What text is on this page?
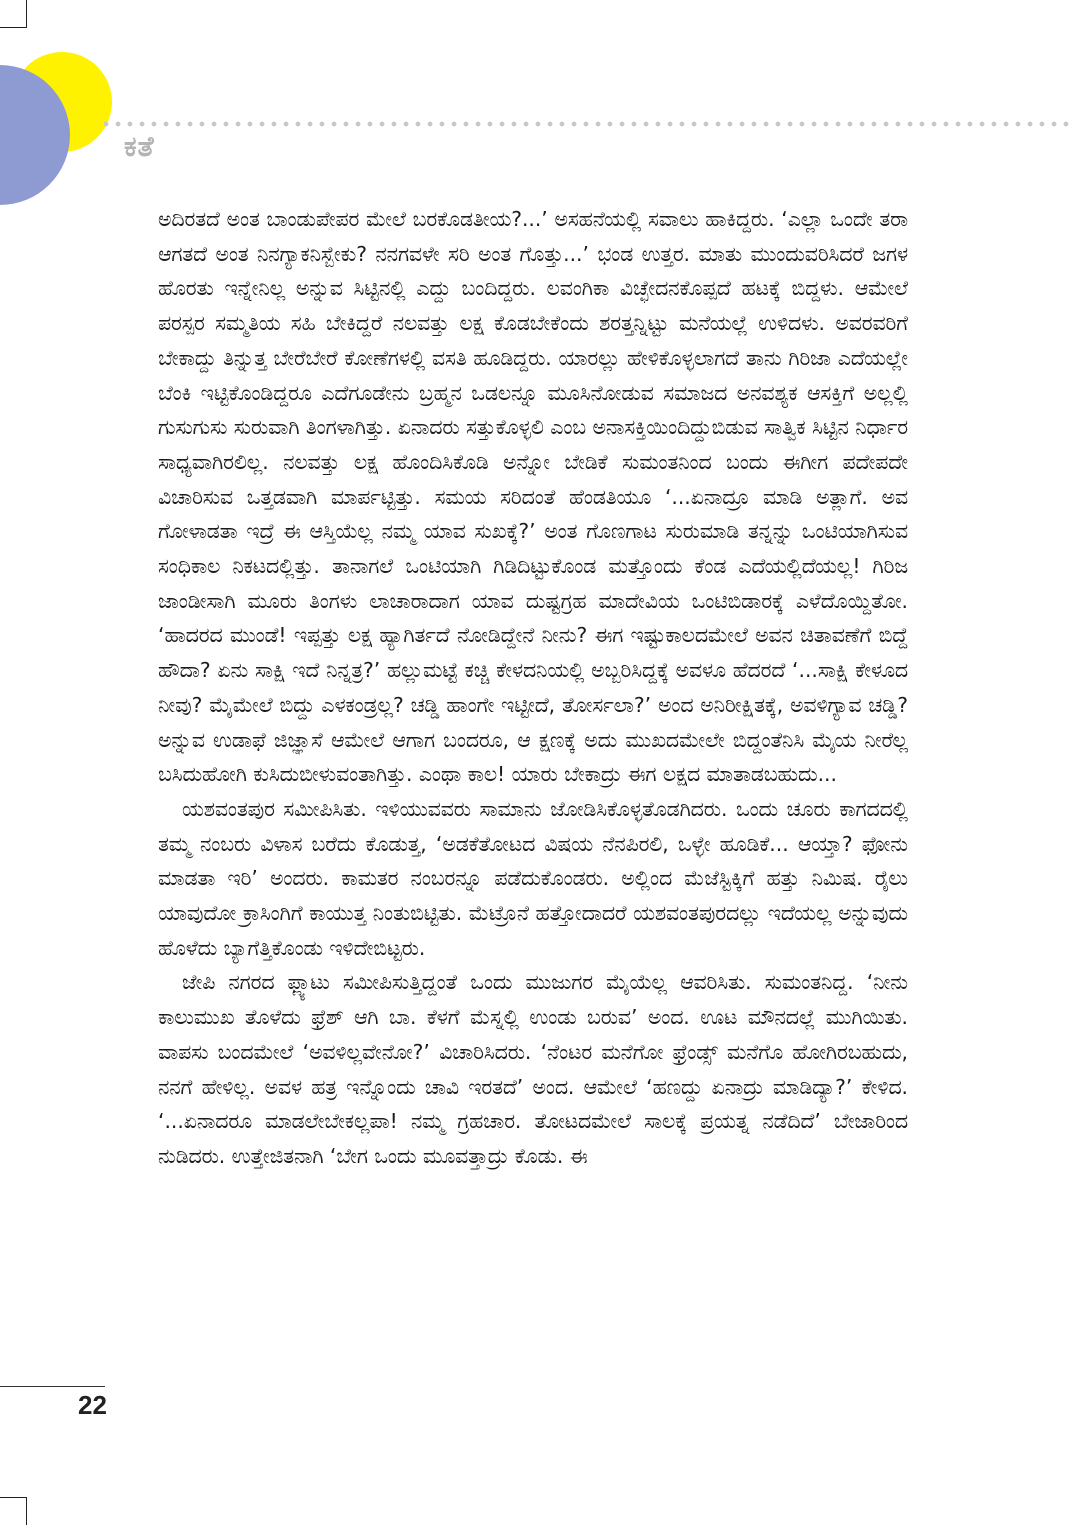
ಕತೆ

ಅದಿರತದೆ ಅಂತ ಬಾಂಡುಪೇಪರ ಮೇಲೆ ಬರಕೊಡತೀಯ?...’ ಅಸಹನೆಯಲ್ಲಿ ಸವಾಲು ಹಾಕಿದ್ದರು. ‘ಎಲ್ಲಾ ಒಂದೇ ತರಾ ಆಗತದೆ ಅಂತ ನಿನಗ್ಯಾಕನಿಸ್ಬೇಕು? ನನಗವಳೇ ಸರಿ ಅಂತ ಗೊತ್ತು...’ ಭಂಡ ಉತ್ತರ. ಮಾತು ಮುಂದುವರಿಸಿದರೆ ಜಗಳ ಹೊರತು ಇನ್ನೇನಿಲ್ಲ ಅನ್ನುವ ಸಿಟ್ಟಿನಲ್ಲಿ ಎದ್ದು ಬಂದಿದ್ದರು. ಲವಂಗಿಕಾ ವಿಚ್ಛೇದನಕೊಪ್ಪದೆ ಹಟಕ್ಕೆ ಬಿದ್ದಳು. ಆಮೇಲೆ ಪರಸ್ಪರ ಸಮ್ಮತಿಯ ಸಹಿ ಬೇಕಿದ್ದರೆ ನಲವತ್ತು ಲಕ್ಷ ಕೊಡಬೇಕೆಂದು ಶರತ್ತನ್ನಿಟ್ಟು ಮನೆಯಲ್ಲೆ ಉಳಿದಳು. ಅವರವರಿಗೆ ಬೇಕಾದ್ದು ತಿನ್ನುತ್ತ ಬೇರೆಬೇರೆ ಕೋಣೆಗಳಲ್ಲಿ ವಸತಿ ಹೂಡಿದ್ದರು. ಯಾರಲ್ಲು ಹೇಳಿಕೊಳ್ಳಲಾಗದೆ ತಾನು ಗಿರಿಜಾ ಎದೆಯಲ್ಲೇ ಬೆಂಕಿ ಇಟ್ಟಿಕೊಂಡಿದ್ದರೂ ಎದೆಗೂಡೇನು ಬ್ರಹ್ಮನ ಒಡಲನ್ನೂ ಮೂಸಿನೋಡುವ ಸಮಾಜದ ಅನವಶ್ಯಕ ಆಸಕ್ತಿಗೆ ಅಲ್ಲಲ್ಲಿ ಗುಸುಗುಸು ಸುರುವಾಗಿ ತಿಂಗಳಾಗಿತ್ತು. ಏನಾದರು ಸತ್ತುಕೊಳ್ಳಲಿ ಎಂಬ ಅನಾಸಕ್ತಿಯಿಂದಿದ್ದುಬಿಡುವ ಸಾತ್ವಿಕ ಸಿಟ್ಟಿನ ನಿರ್ಧಾರ ಸಾಧ್ಯವಾಗಿರಲಿಲ್ಲ. ನಲವತ್ತು ಲಕ್ಷ ಹೊಂದಿಸಿಕೊಡಿ ಅನ್ನೋ ಬೇಡಿಕೆ ಸುಮಂತನಿಂದ ಬಂದು ಈಗೀಗ ಪದೇಪದೇ ವಿಚಾರಿಸುವ ಒತ್ತಡವಾಗಿ ಮಾರ್ಪಟ್ಟಿತ್ತು. ಸಮಯ ಸರಿದಂತೆ ಹೆಂಡತಿಯೂ ‘...ಏನಾದ್ರೂ ಮಾಡಿ ಅತ್ಲಾಗೆ. ಅವ ಗೋಳಾಡತಾ ಇದ್ರೆ ಈ ಆಸ್ತಿಯೆಲ್ಲ ನಮ್ಮ ಯಾವ ಸುಖಕ್ಕೆ?’ ಅಂತ ಗೊಣಗಾಟ ಸುರುಮಾಡಿ ತನ್ನನ್ನು ಒಂಟಿಯಾಗಿಸುವ ಸಂಧಿಕಾಲ ನಿಕಟದಲ್ಲಿತ್ತು. ತಾನಾಗಲೆ ಒಂಟಿಯಾಗಿ ಗಿಡಿದಿಟ್ಟುಕೊಂಡ ಮತ್ತೊಂದು ಕೆಂಡ ಎದೆಯಲ್ಲಿದೆಯಲ್ಲ! ಗಿರಿಜ ಜಾಂಡೀಸಾಗಿ ಮೂರು ತಿಂಗಳು ಲಾಚಾರಾದಾಗ ಯಾವ ದುಷ್ಟಗ್ರಹ ಮಾದೇವಿಯ ಒಂಟಿಬಿಡಾರಕ್ಕೆ ಎಳೆದೊಯ್ದಿತೋ. ‘ಹಾದರದ ಮುಂಡೆ! ಇಪ್ಪತ್ತು ಲಕ್ಷ ಹ್ಯಾಗಿರ್ತದೆ ನೋಡಿದ್ದೇನೆ ನೀನು? ಈಗ ಇಷ್ಟುಕಾಲದಮೇಲೆ ಅವನ ಚಿತಾವಣೆಗೆ ಬಿದ್ದೆ ಹೌದಾ? ಏನು ಸಾಕ್ಷಿ ಇದೆ ನಿನ್ನತ್ರ?’ ಹಲ್ಲುಮಟ್ಟೆ ಕಚ್ಚಿ ಕೇಳದನಿಯಲ್ಲಿ ಅಬ್ಬರಿಸಿದ್ದಕ್ಕೆ ಅವಳೂ ಹೆದರದೆ ‘...ಸಾಕ್ಷಿ ಕೇಳೂದ ನೀವು? ಮೈಮೇಲೆ ಬಿದ್ದು ಎಳಕಂಡ್ರಲ್ಲ? ಚಡ್ಡಿ ಹಾಂಗೇ ಇಟ್ಟೀದೆ, ತೋರ್ಸಲಾ?’ ಅಂದ ಅನಿರೀಕ್ಷಿತಕ್ಕೆ, ಅವಳಿಗ್ಯಾವ ಚಡ್ಡಿ? ಅನ್ನುವ ಉಡಾಫೆ ಜಿಜ್ಞಾಸೆ ಆಮೇಲೆ ಆಗಾಗ ಬಂದರೂ, ಆ ಕ್ಷಣಕ್ಕೆ ಅದು ಮುಖದಮೇಲೇ ಬಿದ್ದಂತೆನಿಸಿ ಮೈಯ ನೀರೆಲ್ಲ ಬಸಿದುಹೋಗಿ ಕುಸಿದುಬೀಳುವಂತಾಗಿತ್ತು. ಎಂಥಾ ಕಾಲ! ಯಾರು ಬೇಕಾದ್ರು ಈಗ ಲಕ್ಷದ ಮಾತಾಡಬಹುದು...

ಯಶವಂತಪುರ ಸಮೀಪಿಸಿತು. ಇಳಿಯುವವರು ಸಾಮಾನು ಜೋಡಿಸಿಕೊಳ್ಳತೊಡಗಿದರು. ಒಂದು ಚೂರು ಕಾಗದದಲ್ಲಿ ತಮ್ಮ ನಂಬರು ವಿಳಾಸ ಬರೆದು ಕೊಡುತ್ತ, ‘ಅಡಕೆತೋಟದ ವಿಷಯ ನೆನಪಿರಲಿ, ಒಳ್ಳೇ ಹೂಡಿಕೆ... ಆಯ್ತಾ? ಫೋನು ಮಾಡತಾ ಇರಿ’ ಅಂದರು. ಕಾಮತರ ನಂಬರನ್ನೂ ಪಡೆದುಕೊಂಡರು. ಅಲ್ಲಿಂದ ಮೆಜೆಸ್ಟಿಕ್ಕಿಗೆ ಹತ್ತು ನಿಮಿಷ. ರೈಲು ಯಾವುದೋ ಕ್ರಾಸಿಂಗಿಗೆ ಕಾಯುತ್ತ ನಿಂತುಬಿಟ್ಟಿತು. ಮೆಟ್ರೊನೆ ಹತ್ತೋದಾದರೆ ಯಶವಂತಪುರದಲ್ಲು ಇದೆಯಲ್ಲ ಅನ್ನುವುದು ಹೊಳೆದು ಬ್ಯಾಗೆತ್ತಿಕೊಂಡು ಇಳಿದೇಬಿಟ್ಟರು.

ಜೇಪಿ ನಗರದ ಫ್ಲ್ಯಾಟು ಸಮೀಪಿಸುತ್ತಿದ್ದಂತೆ ಒಂದು ಮುಜುಗರ ಮೈಯೆಲ್ಲ ಆವರಿಸಿತು. ಸುಮಂತನಿದ್ದ. ‘ನೀನು ಕಾಲುಮುಖ ತೊಳೆದು ಫ್ರೆಶ್ ಆಗಿ ಬಾ. ಕೆಳಗೆ ಮೆಸ್ನಲ್ಲಿ ಉಂಡು ಬರುವ’ ಅಂದ. ಊಟ ಮೌನದಲ್ಲೆ ಮುಗಿಯಿತು. ವಾಪಸು ಬಂದಮೇಲೆ ‘ಅವಳಿಲ್ಲವೇನೋ?’ ವಿಚಾರಿಸಿದರು. ‘ನೆಂಟರ ಮನೆಗೋ ಫ್ರೆಂಡ್ಸ್ ಮನೆಗೊ ಹೋಗಿರಬಹುದು, ನನಗೆ ಹೇಳಿಲ್ಲ. ಅವಳ ಹತ್ರ ಇನ್ನೊಂದು ಚಾವಿ ಇರತದೆ’ ಅಂದ. ಆಮೇಲೆ ‘ಹಣದ್ದು ಏನಾದ್ರು ಮಾಡಿದ್ಯಾ?’ ಕೇಳಿದ. ‘...ಏನಾದರೂ ಮಾಡಲೇಬೇಕಲ್ಲಪಾ! ನಮ್ಮ ಗ್ರಹಚಾರ. ತೋಟದಮೇಲೆ ಸಾಲಕ್ಕೆ ಪ್ರಯತ್ನ ನಡೆದಿದೆ’ ಬೇಜಾರಿಂದ ನುಡಿದರು. ಉತ್ತೇಜಿತನಾಗಿ ‘ಬೇಗ ಒಂದು ಮೂವತ್ತಾದ್ರು ಕೊಡು. ಈ

22
